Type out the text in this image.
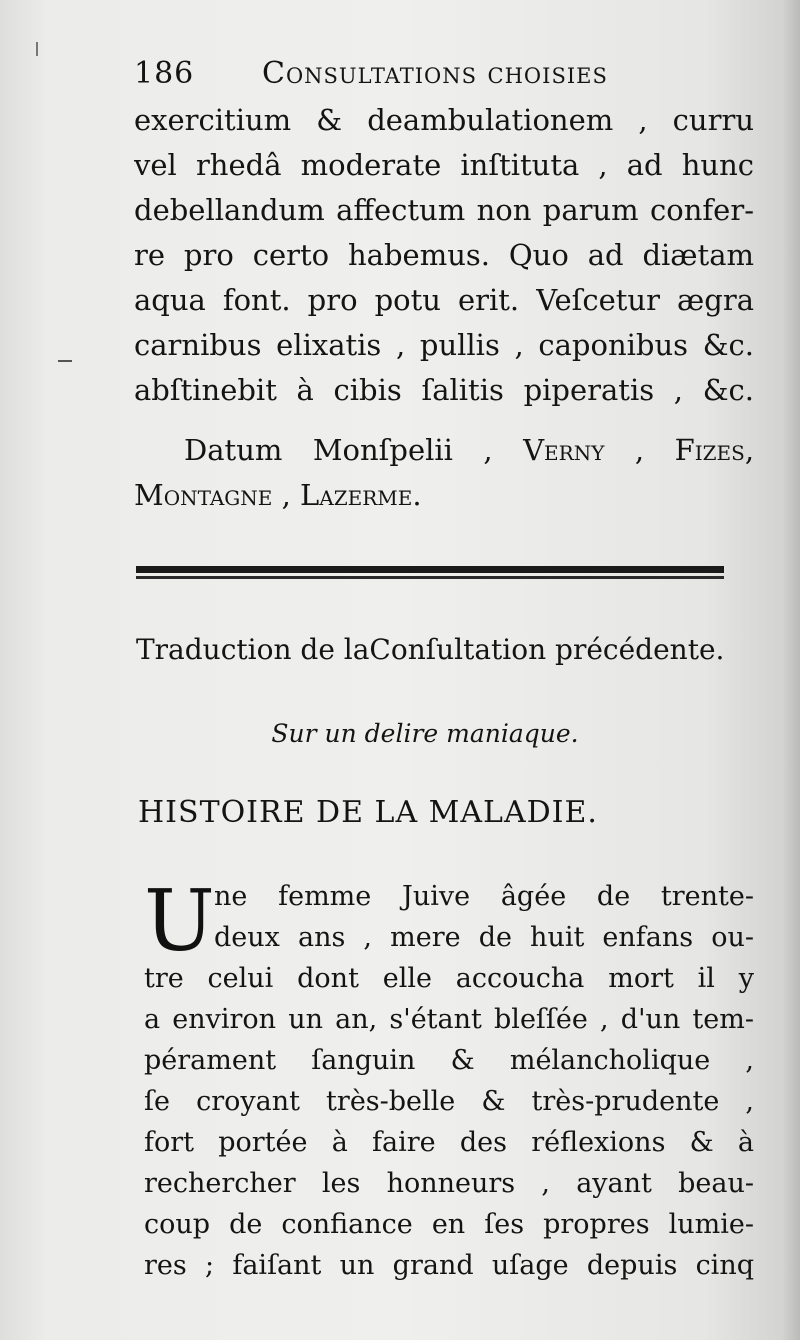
186 Consultations choisies
exercitium & deambulationem , curru
vel rhedâ moderate inſtituta , ad hunc
debellandum affectum non parum confer-
re pro certo habemus. Quo ad diætam
aqua font. pro potu erit. Veſcetur ægra
carnibus elixatis , pullis , caponibus &c.
abſtinebit à cibis ſalitis piperatis , &c.
Datum Monſpelii , Verny , Fizes,
Montagne , Lazerme.
Traduction de laConſultation précédente.
Sur un delire maniaque.
HISTOIRE DE LA MALADIE.
U ne femme Juive âgée de trente-
deux ans , mere de huit enfans ou-
tre celui dont elle accoucha mort il y
a environ un an, s'étant bleſſée , d'un tem-
pérament ſanguin & mélancholique ,
ſe croyant très-belle & très-prudente ,
fort portée à faire des réflexions & à
rechercher les honneurs , ayant beau-
coup de confiance en ſes propres lumie-
res ; faiſant un grand uſage depuis cinq
